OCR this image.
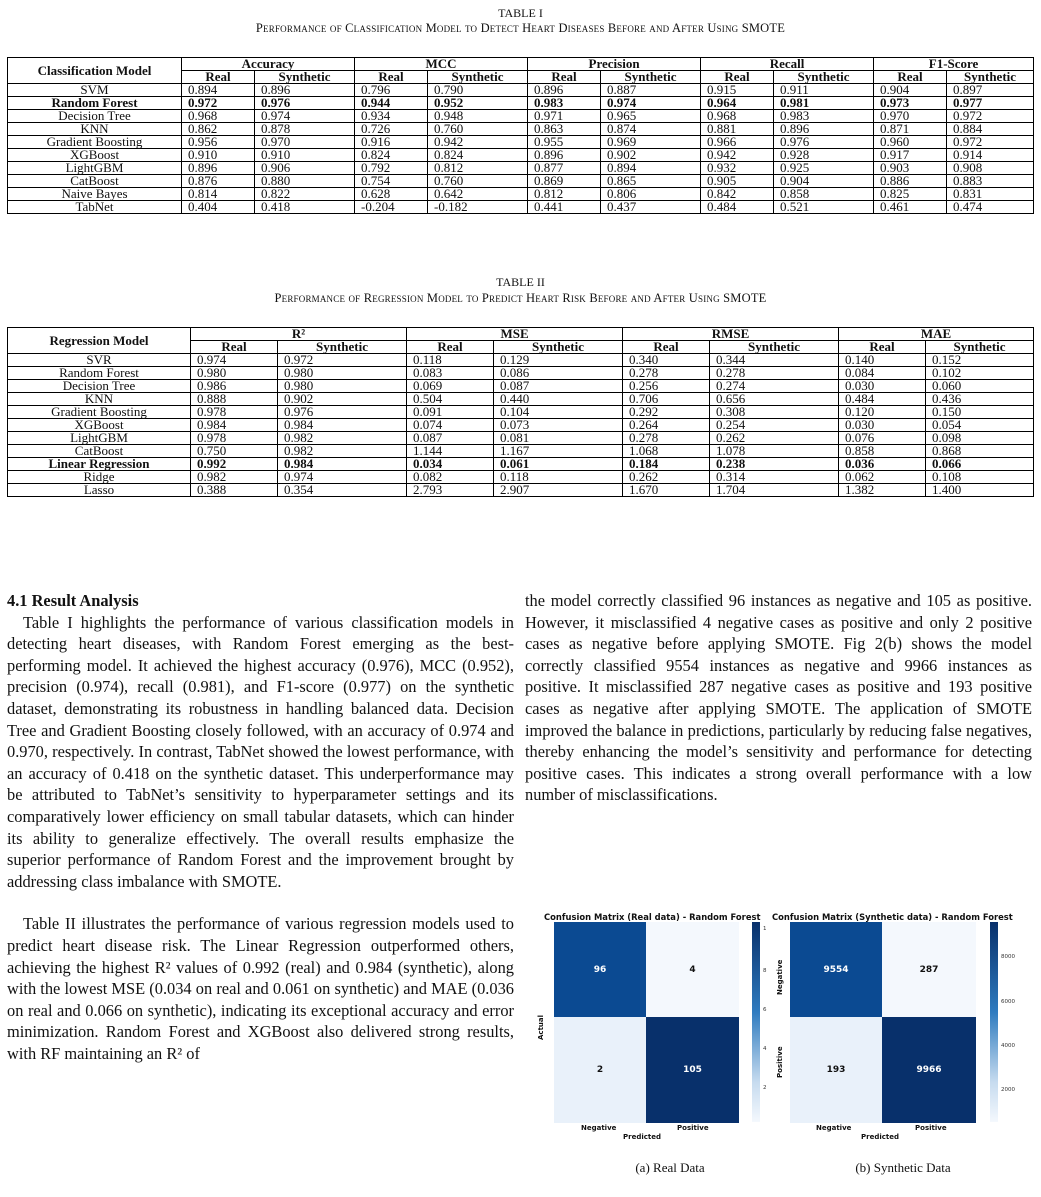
TABLE I
Performance of Classification Model to Detect Heart Diseases Before and After Using SMOTE
Classification Model	Accuracy		MCC		Precision		Recall		F1-Score	
	Real	Synthetic	Real	Synthetic	Real	Synthetic	Real	Synthetic	Real	Synthetic
SVM	0.894	0.896	0.796	0.790	0.896	0.887	0.915	0.911	0.904	0.897
Random Forest	0.972	0.976	0.944	0.952	0.983	0.974	0.964	0.981	0.973	0.977
Decision Tree	0.968	0.974	0.934	0.948	0.971	0.965	0.968	0.983	0.970	0.972
KNN	0.862	0.878	0.726	0.760	0.863	0.874	0.881	0.896	0.871	0.884
Gradient Boosting	0.956	0.970	0.916	0.942	0.955	0.969	0.966	0.976	0.960	0.972
XGBoost	0.910	0.910	0.824	0.824	0.896	0.902	0.942	0.928	0.917	0.914
LightGBM	0.896	0.906	0.792	0.812	0.877	0.894	0.932	0.925	0.903	0.908
CatBoost	0.876	0.880	0.754	0.760	0.869	0.865	0.905	0.904	0.886	0.883
Naive Bayes	0.814	0.822	0.628	0.642	0.812	0.806	0.842	0.858	0.825	0.831
TabNet	0.404	0.418	-0.204	-0.182	0.441	0.437	0.484	0.521	0.461	0.474
TABLE II
Performance of Regression Model to Predict Heart Risk Before and After Using SMOTE
Regression Model	R²		MSE		RMSE		MAE	
	Real	Synthetic	Real	Synthetic	Real	Synthetic	Real	Synthetic
SVR	0.974	0.972	0.118	0.129	0.340	0.344	0.140	0.152
Random Forest	0.980	0.980	0.083	0.086	0.278	0.278	0.084	0.102
Decision Tree	0.986	0.980	0.069	0.087	0.256	0.274	0.030	0.060
KNN	0.888	0.902	0.504	0.440	0.706	0.656	0.484	0.436
Gradient Boosting	0.978	0.976	0.091	0.104	0.292	0.308	0.120	0.150
XGBoost	0.984	0.984	0.074	0.073	0.264	0.254	0.030	0.054
LightGBM	0.978	0.982	0.087	0.081	0.278	0.262	0.076	0.098
CatBoost	0.750	0.982	1.144	1.167	1.068	1.078	0.858	0.868
Linear Regression	0.992	0.984	0.034	0.061	0.184	0.238	0.036	0.066
Ridge	0.982	0.974	0.082	0.118	0.262	0.314	0.062	0.108
Lasso	0.388	0.354	2.793	2.907	1.670	1.704	1.382	1.400

4.1 Result Analysis

Table I highlights the performance of various classification models in detecting heart diseases, with Random Forest emerging as the best-performing model. It achieved the highest accuracy (0.976), MCC (0.952), precision (0.974), recall (0.981), and F1-score (0.977) on the synthetic dataset, demonstrating its robustness in handling balanced data. Decision Tree and Gradient Boosting closely followed, with an accuracy of 0.974 and 0.970, respectively. In contrast, TabNet showed the lowest performance, with an accuracy of 0.418 on the synthetic dataset. This underperformance may be attributed to TabNet’s sensitivity to hyperparameter settings and its comparatively lower efficiency on small tabular datasets, which can hinder its ability to generalize effectively. The overall results emphasize the superior performance of Random Forest and the improvement brought by addressing class imbalance with SMOTE.

Table II illustrates the performance of various regression models used to predict heart disease risk. The Linear Regression outperformed others, achieving the highest R² values of 0.992 (real) and 0.984 (synthetic), along with the lowest MSE (0.034 on real and 0.061 on synthetic) and MAE (0.036 on real and 0.066 on synthetic), indicating its exceptional accuracy and error minimization. Random Forest and XGBoost also delivered strong results, with RF maintaining an R² of

the model correctly classified 96 instances as negative and 105 as positive. However, it misclassified 4 negative cases as positive and only 2 positive cases as negative before applying SMOTE. Fig 2(b) shows the model correctly classified 9554 instances as negative and 9966 instances as positive. It misclassified 287 negative cases as positive and 193 positive cases as negative after applying SMOTE. The application of SMOTE improved the balance in predictions, particularly by reducing false negatives, thereby enhancing the model’s sensitivity and performance for detecting positive cases. This indicates a strong overall performance with a low number of misclassifications.

Confusion Matrix (Real data) - Random Forest
Actual
96	4
2	105
Negative	Positive
Predicted
1
8
6
4
2
(a) Real Data
Confusion Matrix (Synthetic data) - Random Forest
Negative
Positive
9554	287
193	9966
Negative	Positive
Predicted
8000
6000
4000
2000
(b) Synthetic Data
